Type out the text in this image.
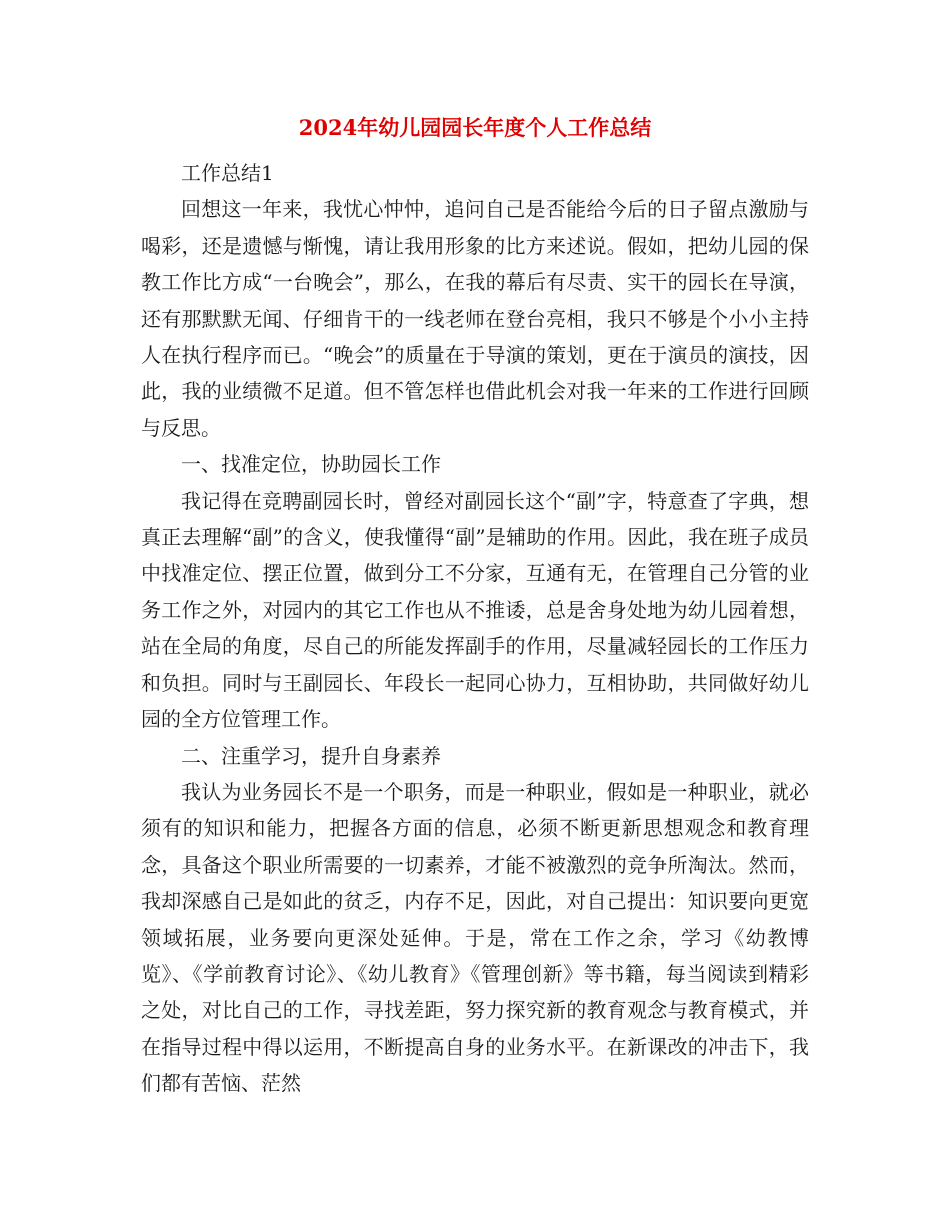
2024年幼儿园园长年度个人工作总结

工作总结1

回想这一年来，我忧心忡忡，追问自己是否能给今后的日子留点激励与喝彩，还是遗憾与惭愧，请让我用形象的比方来述说。假如，把幼儿园的保教工作比方成“一台晚会”，那么，在我的幕后有尽责、实干的园长在导演，还有那默默无闻、仔细肯干的一线老师在登台亮相，我只不够是个小小主持人在执行程序而已。“晚会”的质量在于导演的策划，更在于演员的演技，因此，我的业绩微不足道。但不管怎样也借此机会对我一年来的工作进行回顾与反思。

一、找准定位，协助园长工作

我记得在竞聘副园长时，曾经对副园长这个“副”字，特意查了字典，想真正去理解“副”的含义，使我懂得“副”是辅助的作用。因此，我在班子成员中找准定位、摆正位置，做到分工不分家，互通有无，在管理自己分管的业务工作之外，对园内的其它工作也从不推诿，总是舍身处地为幼儿园着想，站在全局的角度，尽自己的所能发挥副手的作用，尽量减轻园长的工作压力和负担。同时与王副园长、年段长一起同心协力，互相协助，共同做好幼儿园的全方位管理工作。

二、注重学习，提升自身素养

我认为业务园长不是一个职务，而是一种职业，假如是一种职业，就必须有的知识和能力，把握各方面的信息，必须不断更新思想观念和教育理念，具备这个职业所需要的一切素养，才能不被激烈的竞争所淘汰。然而，我却深感自己是如此的贫乏，内存不足，因此，对自己提出：知识要向更宽领域拓展，业务要向更深处延伸。于是，常在工作之余，学习《幼教博览》、《学前教育讨论》、《幼儿教育》《管理创新》等书籍，每当阅读到精彩之处，对比自己的工作，寻找差距，努力探究新的教育观念与教育模式，并在指导过程中得以运用，不断提高自身的业务水平。在新课改的冲击下，我们都有苦恼、茫然
